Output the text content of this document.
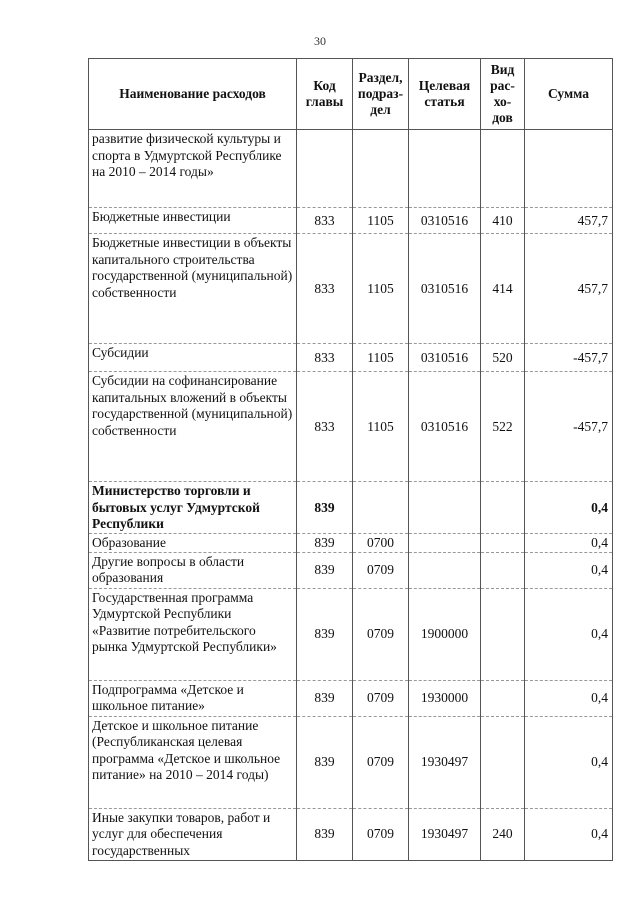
30
Наименование расходов	Код главы	Раздел, подраз-дел	Целевая статья	Вид рас-хо-дов	Сумма
развитие физической культуры и спорта в Удмуртской Республике на 2010 – 2014 годы»					
Бюджетные инвестиции	833	1105	0310516	410	457,7
Бюджетные инвестиции в объекты капитального строительства государственной (муниципальной) собственности	833	1105	0310516	414	457,7
Субсидии	833	1105	0310516	520	-457,7
Субсидии на софинансирование капитальных вложений в объекты государственной (муниципальной) собственности	833	1105	0310516	522	-457,7
Министерство торговли и бытовых услуг Удмуртской Республики	839				0,4
Образование	839	0700			0,4
Другие вопросы в области образования	839	0709			0,4
Государственная программа Удмуртской Республики «Развитие потребительского рынка Удмуртской Республики»	839	0709	1900000		0,4
Подпрограмма «Детское и школьное питание»	839	0709	1930000		0,4
Детское и школьное питание (Республиканская целевая программа «Детское и школьное питание» на 2010 – 2014 годы)	839	0709	1930497		0,4
Иные закупки товаров, работ и услуг для обеспечения государственных	839	0709	1930497	240	0,4
